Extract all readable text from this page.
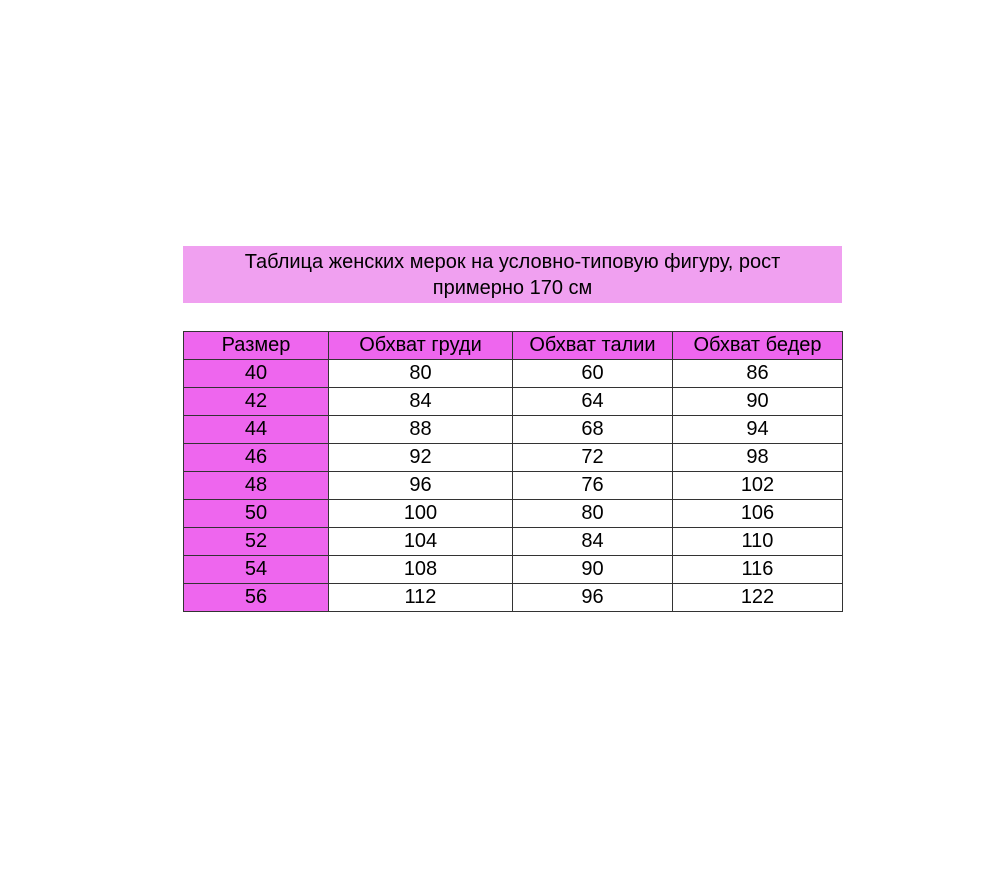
Таблица женских мерок на условно-типовую фигуру, рост
примерно 170 см
Размер	Обхват груди	Обхват талии	Обхват бедер
40	80	60	86
42	84	64	90
44	88	68	94
46	92	72	98
48	96	76	102
50	100	80	106
52	104	84	110
54	108	90	116
56	112	96	122
